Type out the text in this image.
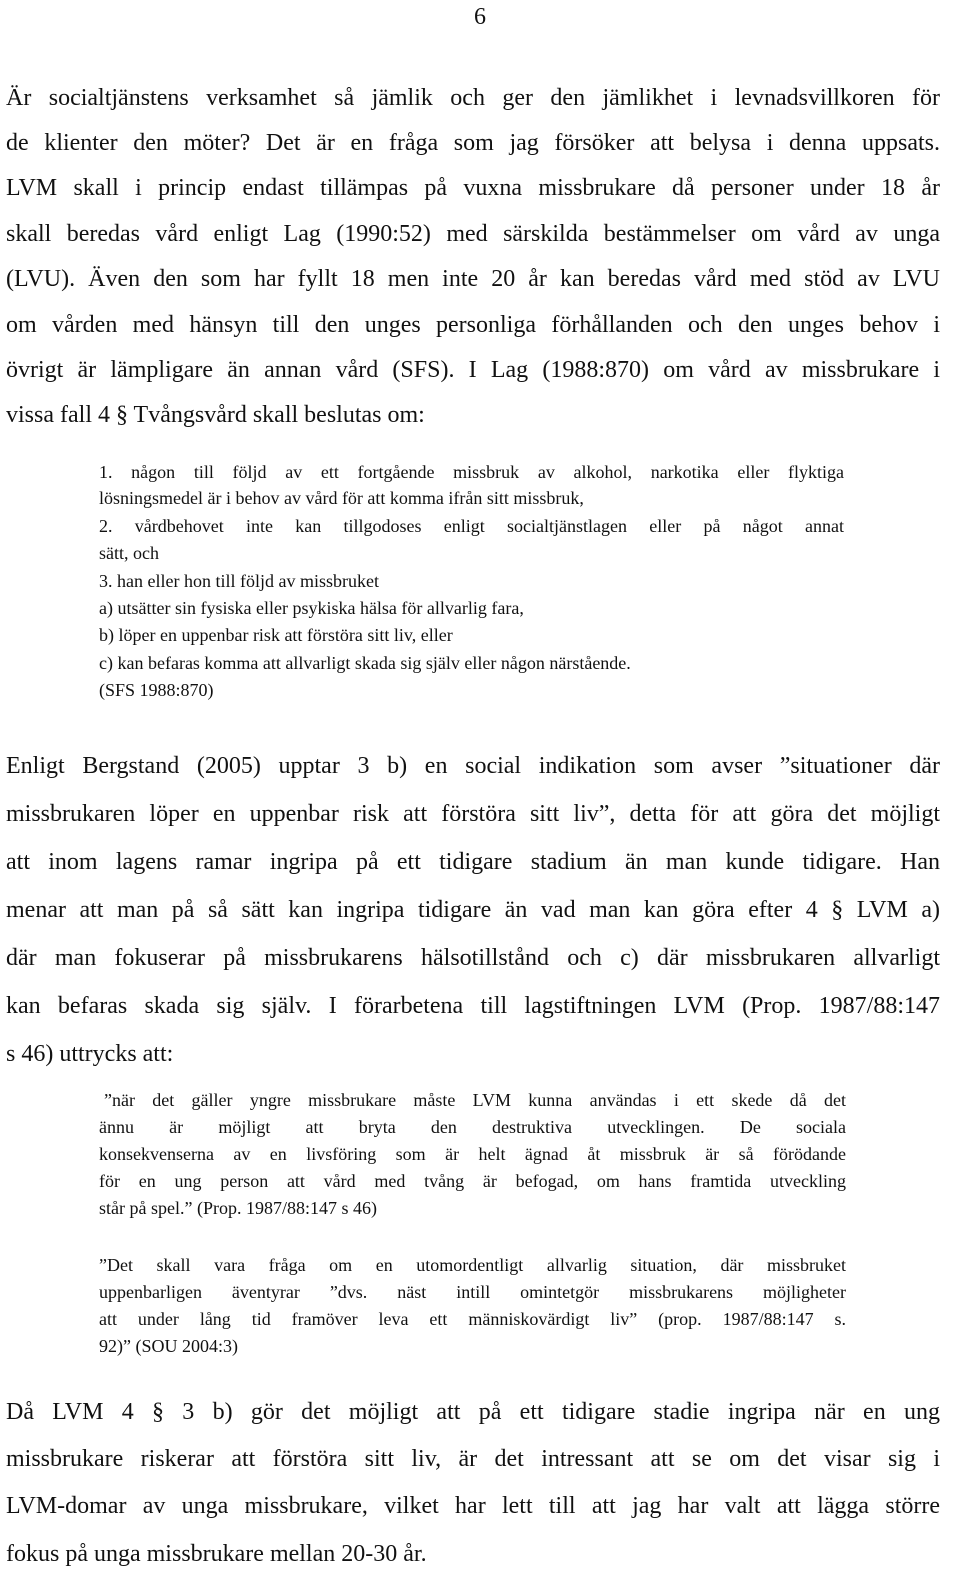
6
Är socialtjänstens verksamhet så jämlik och ger den jämlikhet i levnadsvillkoren för
de klienter den möter? Det är en fråga som jag försöker att belysa i denna uppsats.
LVM skall i princip endast tillämpas på vuxna missbrukare då personer under 18 år
skall beredas vård enligt Lag (1990:52) med särskilda bestämmelser om vård av unga
(LVU). Även den som har fyllt 18 men inte 20 år kan beredas vård med stöd av LVU
om vården med hänsyn till den unges personliga förhållanden och den unges behov i
övrigt är lämpligare än annan vård (SFS). I Lag (1988:870) om vård av missbrukare i
vissa fall 4 § Tvångsvård skall beslutas om:
1. någon till följd av ett fortgående missbruk av alkohol, narkotika eller flyktiga
lösningsmedel är i behov av vård för att komma ifrån sitt missbruk,
2. vårdbehovet inte kan tillgodoses enligt socialtjänstlagen eller på något annat
sätt, och
3. han eller hon till följd av missbruket
a) utsätter sin fysiska eller psykiska hälsa för allvarlig fara,
b) löper en uppenbar risk att förstöra sitt liv, eller
c) kan befaras komma att allvarligt skada sig själv eller någon närstående.
(SFS 1988:870)
Enligt Bergstand (2005) upptar 3 b) en social indikation som avser ”situationer där
missbrukaren löper en uppenbar risk att förstöra sitt liv”, detta för att göra det möjligt
att inom lagens ramar ingripa på ett tidigare stadium än man kunde tidigare. Han
menar att man på så sätt kan ingripa tidigare än vad man kan göra efter 4 § LVM a)
där man fokuserar på missbrukarens hälsotillstånd och c) där missbrukaren allvarligt
kan befaras skada sig själv. I förarbetena till lagstiftningen LVM (Prop. 1987/88:147
s 46) uttrycks att:
”när det gäller yngre missbrukare måste LVM kunna användas i ett skede då det
ännu är möjligt att bryta den destruktiva utvecklingen. De sociala
konsekvenserna av en livsföring som är helt ägnad åt missbruk är så förödande
för en ung person att vård med tvång är befogad, om hans framtida utveckling
står på spel.” (Prop. 1987/88:147 s 46)
”Det skall vara fråga om en utomordentligt allvarlig situation, där missbruket
uppenbarligen äventyrar ”dvs. näst intill omintetgör missbrukarens möjligheter
att under lång tid framöver leva ett människovärdigt liv” (prop. 1987/88:147 s.
92)” (SOU 2004:3)
Då LVM 4 § 3 b) gör det möjligt att på ett tidigare stadie ingripa när en ung
missbrukare riskerar att förstöra sitt liv, är det intressant att se om det visar sig i
LVM-domar av unga missbrukare, vilket har lett till att jag har valt att lägga större
fokus på unga missbrukare mellan 20-30 år.
